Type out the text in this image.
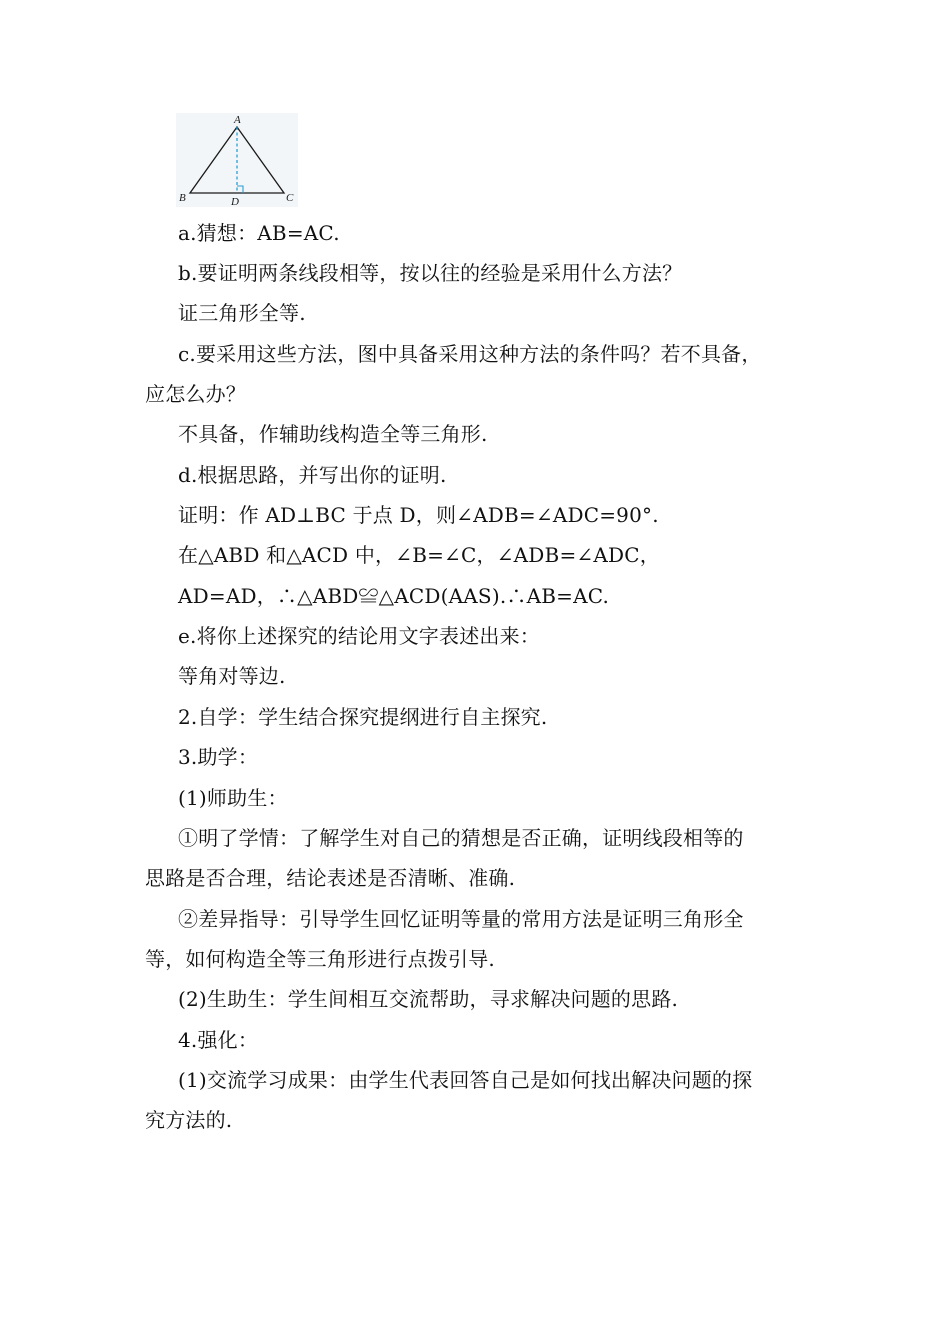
A
B	C
D
a.猜想：AB=AC.
b.要证明两条线段相等，按以往的经验是采用什么方法？
证三角形全等.
c.要采用这些方法，图中具备采用这种方法的条件吗？若不具备，
应怎么办？
不具备，作辅助线构造全等三角形.
d.根据思路，并写出你的证明.
证明：作 AD⊥BC 于点 D，则∠ADB=∠ADC=90°.
在△ABD 和△ACD 中，∠B=∠C，∠ADB=∠ADC，
AD=AD，∴△ABD≌△ACD(AAS).∴AB=AC.
e.将你上述探究的结论用文字表述出来：
等角对等边.
2.自学：学生结合探究提纲进行自主探究.
3.助学：
(1)师助生：
①明了学情：了解学生对自己的猜想是否正确，证明线段相等的
思路是否合理，结论表述是否清晰、准确.
②差异指导：引导学生回忆证明等量的常用方法是证明三角形全
等，如何构造全等三角形进行点拨引导.
(2)生助生：学生间相互交流帮助，寻求解决问题的思路.
4.强化：
(1)交流学习成果：由学生代表回答自己是如何找出解决问题的探
究方法的.
